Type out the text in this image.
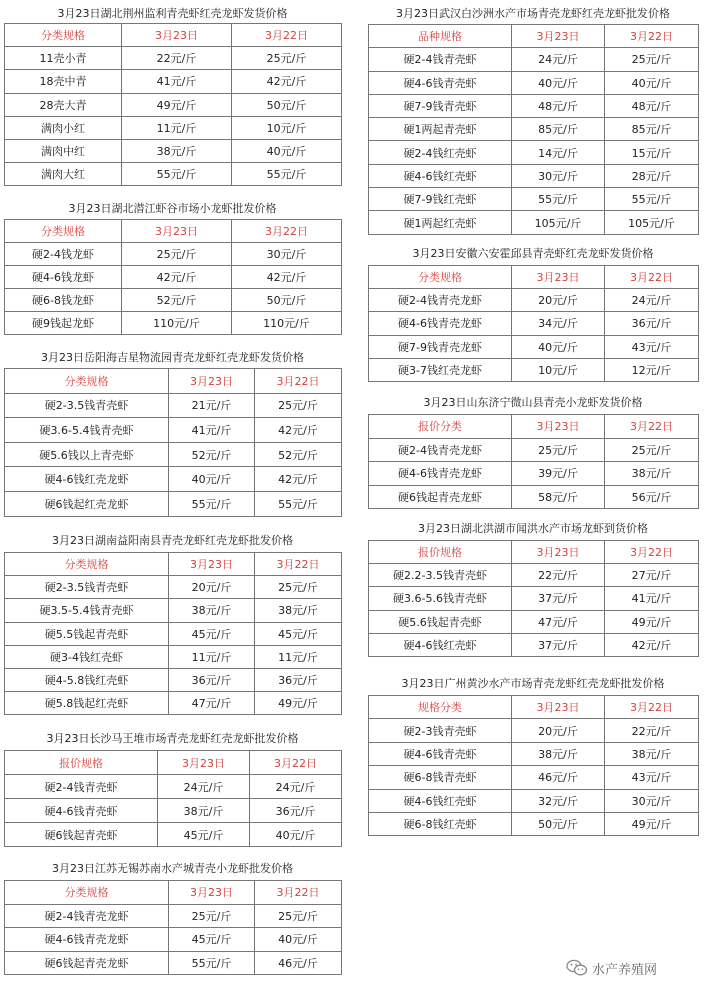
3月23日湖北荆州监利青壳虾红壳龙虾发货价格
分类规格	3月23日	3月22日
11壳小青	22元/斤	25元/斤
18壳中青	41元/斤	42元/斤
28壳大青	49元/斤	50元/斤
满肉小红	11元/斤	10元/斤
满肉中红	38元/斤	40元/斤
满肉大红	55元/斤	55元/斤
3月23日湖北潜江虾谷市场小龙虾批发价格
分类规格	3月23日	3月22日
硬2-4钱龙虾	25元/斤	30元/斤
硬4-6钱龙虾	42元/斤	42元/斤
硬6-8钱龙虾	52元/斤	50元/斤
硬9钱起龙虾	110元/斤	110元/斤
3月23日岳阳海吉星物流园青壳龙虾红壳龙虾发货价格
分类规格	3月23日	3月22日
硬2-3.5钱青壳虾	21元/斤	25元/斤
硬3.6-5.4钱青壳虾	41元/斤	42元/斤
硬5.6钱以上青壳虾	52元/斤	52元/斤
硬4-6钱红壳龙虾	40元/斤	42元/斤
硬6钱起红壳龙虾	55元/斤	55元/斤
3月23日湖南益阳南县青壳龙虾红壳龙虾批发价格
分类规格	3月23日	3月22日
硬2-3.5钱青壳虾	20元/斤	25元/斤
硬3.5-5.4钱青壳虾	38元/斤	38元/斤
硬5.5钱起青壳虾	45元/斤	45元/斤
硬3-4钱红壳虾	11元/斤	11元/斤
硬4-5.8钱红壳虾	36元/斤	36元/斤
硬5.8钱起红壳虾	47元/斤	49元/斤
3月23日长沙马王堆市场青壳龙虾红壳龙虾批发价格
报价规格	3月23日	3月22日
硬2-4钱青壳虾	24元/斤	24元/斤
硬4-6钱青壳虾	38元/斤	36元/斤
硬6钱起青壳虾	45元/斤	40元/斤
3月23日江苏无锡苏南水产城青壳小龙虾批发价格
分类规格	3月23日	3月22日
硬2-4钱青壳龙虾	25元/斤	25元/斤
硬4-6钱青壳龙虾	45元/斤	40元/斤
硬6钱起青壳龙虾	55元/斤	46元/斤
3月23日武汉白沙洲水产市场青壳龙虾红壳龙虾批发价格
品种规格	3月23日	3月22日
硬2-4钱青壳虾	24元/斤	25元/斤
硬4-6钱青壳虾	40元/斤	40元/斤
硬7-9钱青壳虾	48元/斤	48元/斤
硬1两起青壳虾	85元/斤	85元/斤
硬2-4钱红壳虾	14元/斤	15元/斤
硬4-6钱红壳虾	30元/斤	28元/斤
硬7-9钱红壳虾	55元/斤	55元/斤
硬1两起红壳虾	105元/斤	105元/斤
3月23日安徽六安霍邱县青壳虾红壳龙虾发货价格
分类规格	3月23日	3月22日
硬2-4钱青壳龙虾	20元/斤	24元/斤
硬4-6钱青壳龙虾	34元/斤	36元/斤
硬7-9钱青壳龙虾	40元/斤	43元/斤
硬3-7钱红壳龙虾	10元/斤	12元/斤
3月23日山东济宁微山县青壳小龙虾发货价格
报价分类	3月23日	3月22日
硬2-4钱青壳龙虾	25元/斤	25元/斤
硬4-6钱青壳龙虾	39元/斤	38元/斤
硬6钱起青壳龙虾	58元/斤	56元/斤
3月23日湖北洪湖市闻洪水产市场龙虾到货价格
报价规格	3月23日	3月22日
硬2.2-3.5钱青壳虾	22元/斤	27元/斤
硬3.6-5.6钱青壳虾	37元/斤	41元/斤
硬5.6钱起青壳虾	47元/斤	49元/斤
硬4-6钱红壳虾	37元/斤	42元/斤
3月23日广州黄沙水产市场青壳龙虾红壳龙虾批发价格
规格分类	3月23日	3月22日
硬2-3钱青壳虾	20元/斤	22元/斤
硬4-6钱青壳虾	38元/斤	38元/斤
硬6-8钱青壳虾	46元/斤	43元/斤
硬4-6钱红壳虾	32元/斤	30元/斤
硬6-8钱红壳虾	50元/斤	49元/斤
水产养殖网
